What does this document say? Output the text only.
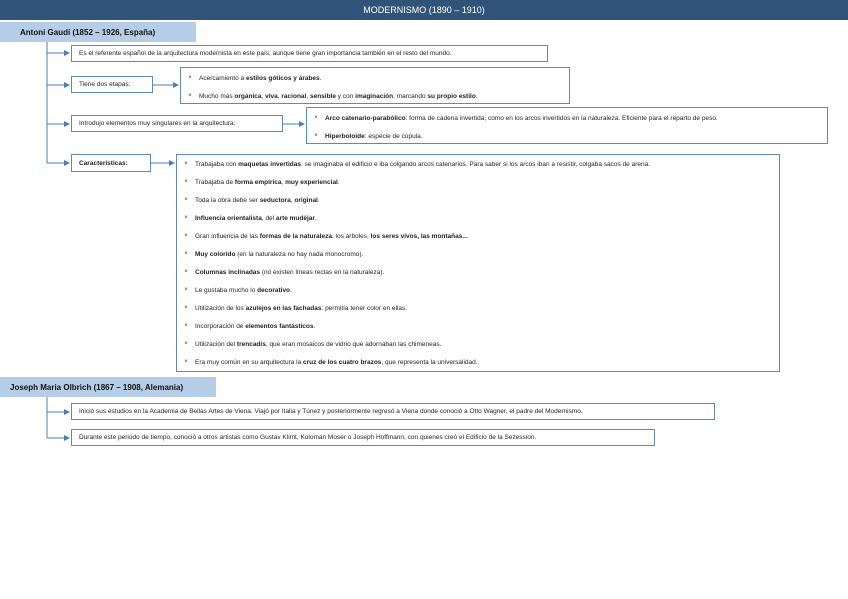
MODERNISMO (1890 – 1910)
Antoni Gaudí (1852 – 1926, España)
Es el referente español de la arquitectura modernista en este país, aunque tiene gran importancia también en el resto del mundo.
Tiene dos etapas:
×	Acercamiento a estilos góticos y árabes.
×	Mucho más orgánica, viva, racional, sensible y con imaginación, marcando su propio estilo.
Introdujo elementos muy singulares en la arquitectura:
×	Arco catenario-parabólico: forma de cadena invertida, como en los arcos invertidos en la naturaleza. Eficiente para el reparto de peso.
×	Hiperboloide: especie de cúpula.
Características:	×	Trabajaba con maquetas invertidas: se imaginaba el edificio e iba colgando arcos catenarios. Para saber si los arcos iban a resistir, colgaba sacos de arena.
×	Trabajaba de forma empírica, muy experiencial.
×	Toda la obra debe ser seductora, original.
×	Influencia orientalista, del arte mudéjar.
×	Gran influencia de las formas de la naturaleza: los árboles, los seres vivos, las montañas...
×	Muy colorido (en la naturaleza no hay nada monocromo).
×	Columnas inclinadas (no existen líneas rectas en la naturaleza).
×	Le gustaba mucho lo decorativo.
×	Utilización de los azulejos en las fachadas: permitía tener color en ellas.
×	Incorporación de elementos fantásticos.
×	Utilización del trencadís, que eran mosaicos de vidrio que adornaban las chimeneas.
×	Era muy común en su arquitectura la cruz de los cuatro brazos, que representa la universalidad.
Joseph Maria Olbrich (1867 – 1908, Alemania)
Inició sus estudios en la Academia de Bellas Artes de Viena. Viajó por Italia y Túnez y posteriormente regresó a Viena donde conoció a Otto Wagner, el padre del Modernismo.
Durante este periodo de tiempo, conoció a otros artistas como Gustav Klimt, Koloman Moser o Joseph Hoffmann, con quienes creó el Edificio de la Sezession.
